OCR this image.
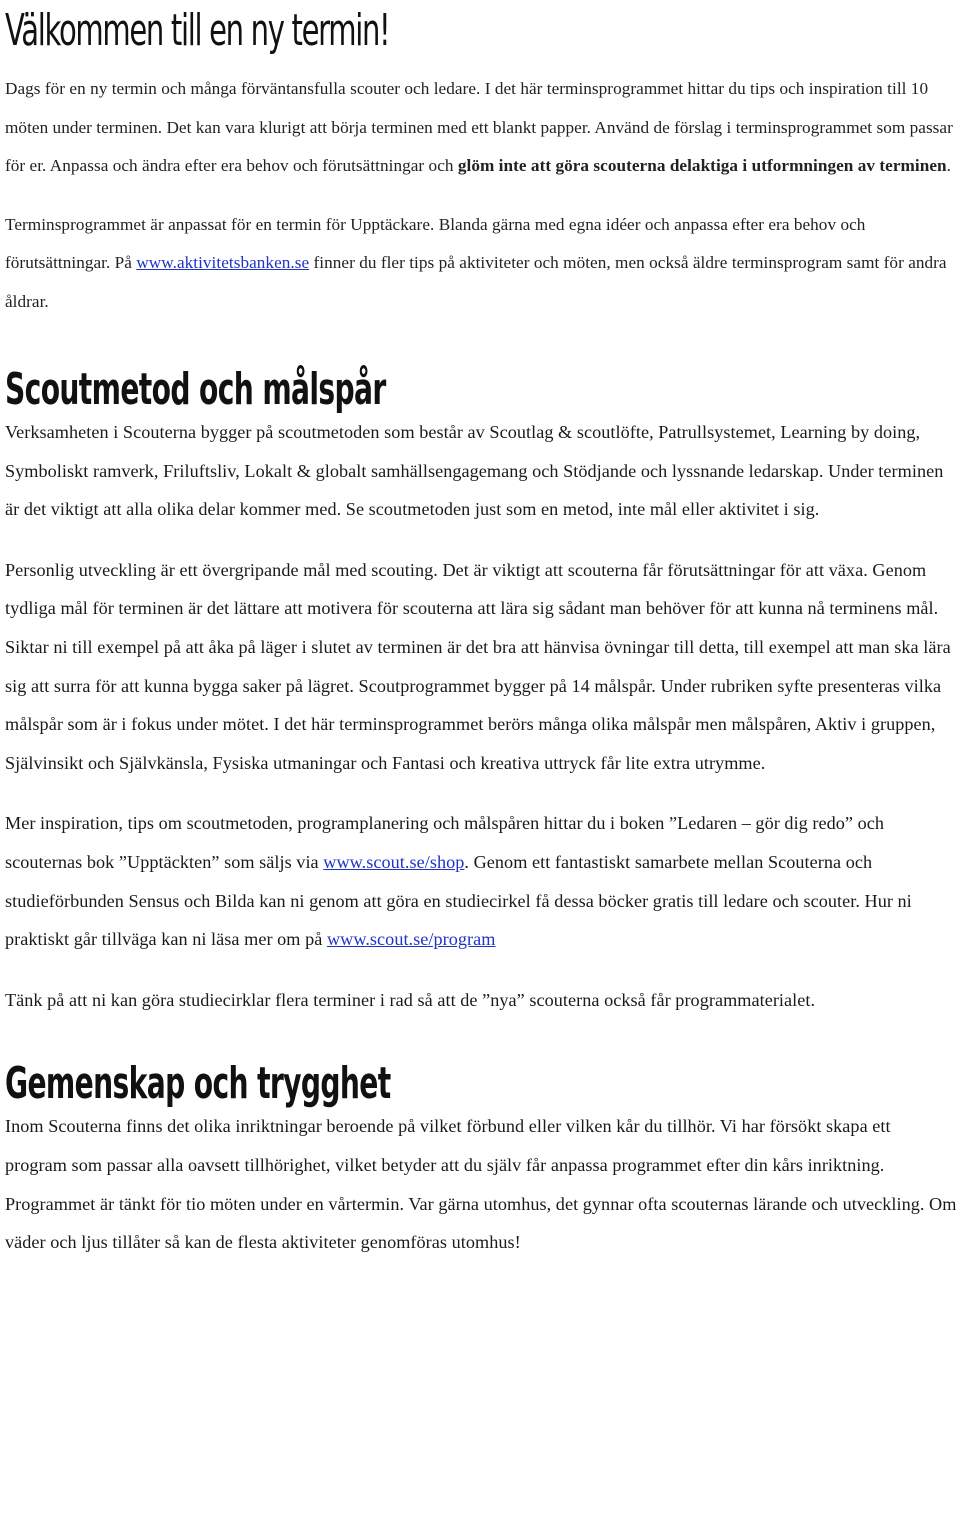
Välkommen till en ny termin!

Dags för en ny termin och många förväntansfulla scouter och ledare. I det här terminsprogrammet hittar du tips och inspiration till 10 möten under terminen. Det kan vara klurigt att börja terminen med ett blankt papper. Använd de förslag i terminsprogrammet som passar för er. Anpassa och ändra efter era behov och förutsättningar och glöm inte att göra scouterna delaktiga i utformningen av terminen.

Terminsprogrammet är anpassat för en termin för Upptäckare. Blanda gärna med egna idéer och anpassa efter era behov och förutsättningar. På www.aktivitetsbanken.se finner du fler tips på aktiviteter och möten, men också äldre terminsprogram samt för andra åldrar.

Scoutmetod och målspår

Verksamheten i Scouterna bygger på scoutmetoden som består av Scoutlag & scoutlöfte, Patrullsystemet, Learning by doing, Symboliskt ramverk, Friluftsliv, Lokalt & globalt samhällsengagemang och Stödjande och lyssnande ledarskap. Under terminen är det viktigt att alla olika delar kommer med. Se scoutmetoden just som en metod, inte mål eller aktivitet i sig.

Personlig utveckling är ett övergripande mål med scouting. Det är viktigt att scouterna får förutsättningar för att växa. Genom tydliga mål för terminen är det lättare att motivera för scouterna att lära sig sådant man behöver för att kunna nå terminens mål. Siktar ni till exempel på att åka på läger i slutet av terminen är det bra att hänvisa övningar till detta, till exempel att man ska lära sig att surra för att kunna bygga saker på lägret. Scoutprogrammet bygger på 14 målspår. Under rubriken syfte presenteras vilka målspår som är i fokus under mötet. I det här terminsprogrammet berörs många olika målspår men målspåren, Aktiv i gruppen, Självinsikt och Självkänsla, Fysiska utmaningar och Fantasi och kreativa uttryck får lite extra utrymme.

Mer inspiration, tips om scoutmetoden, programplanering och målspåren hittar du i boken ”Ledaren – gör dig redo” och scouternas bok ”Upptäckten” som säljs via www.scout.se/shop. Genom ett fantastiskt samarbete mellan Scouterna och studieförbunden Sensus och Bilda kan ni genom att göra en studiecirkel få dessa böcker gratis till ledare och scouter. Hur ni praktiskt går tillväga kan ni läsa mer om på www.scout.se/program

Tänk på att ni kan göra studiecirklar flera terminer i rad så att de ”nya” scouterna också får programmaterialet.

Gemenskap och trygghet

Inom Scouterna finns det olika inriktningar beroende på vilket förbund eller vilken kår du tillhör. Vi har försökt skapa ett program som passar alla oavsett tillhörighet, vilket betyder att du själv får anpassa programmet efter din kårs inriktning. Programmet är tänkt för tio möten under en vårtermin. Var gärna utomhus, det gynnar ofta scouternas lärande och utveckling. Om väder och ljus tillåter så kan de flesta aktiviteter genomföras utomhus!
